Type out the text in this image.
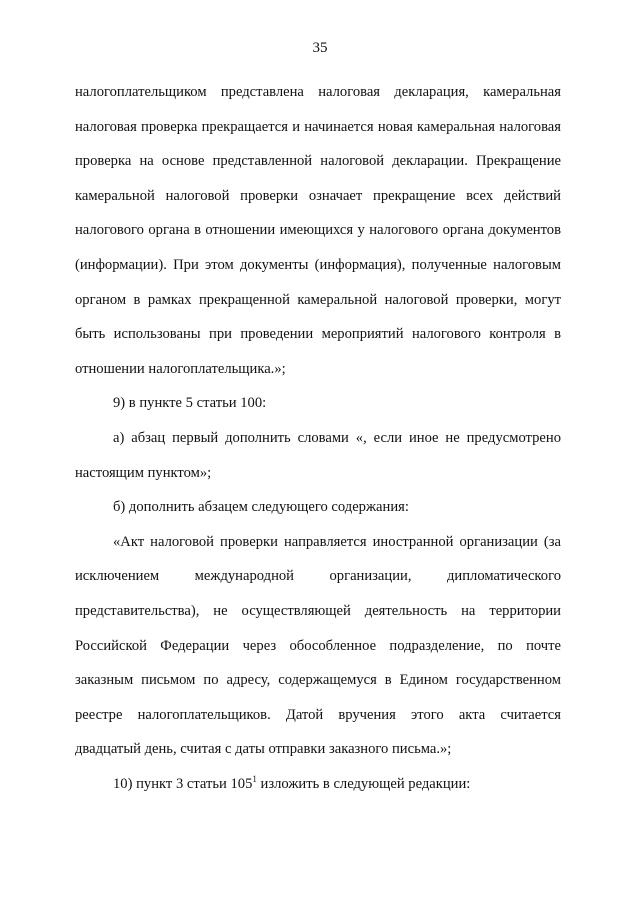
35

налогоплательщиком представлена налоговая декларация, камеральная налоговая проверка прекращается и начинается новая камеральная налоговая проверка на основе представленной налоговой декларации. Прекращение камеральной налоговой проверки означает прекращение всех действий налогового органа в отношении имеющихся у налогового органа документов (информации). При этом документы (информация), полученные налоговым органом в рамках прекращенной камеральной налоговой проверки, могут быть использованы при проведении мероприятий налогового контроля в отношении налогоплательщика.»;

9) в пункте 5 статьи 100:

а) абзац первый дополнить словами «, если иное не предусмотрено настоящим пунктом»;

б) дополнить абзацем следующего содержания:

«Акт налоговой проверки направляется иностранной организации (за исключением международной организации, дипломатического представительства), не осуществляющей деятельность на территории Российской Федерации через обособленное подразделение, по почте заказным письмом по адресу, содержащемуся в Едином государственном реестре налогоплательщиков. Датой вручения этого акта считается двадцатый день, считая с даты отправки заказного письма.»;

10) пункт 3 статьи $105^1$ изложить в следующей редакции:
